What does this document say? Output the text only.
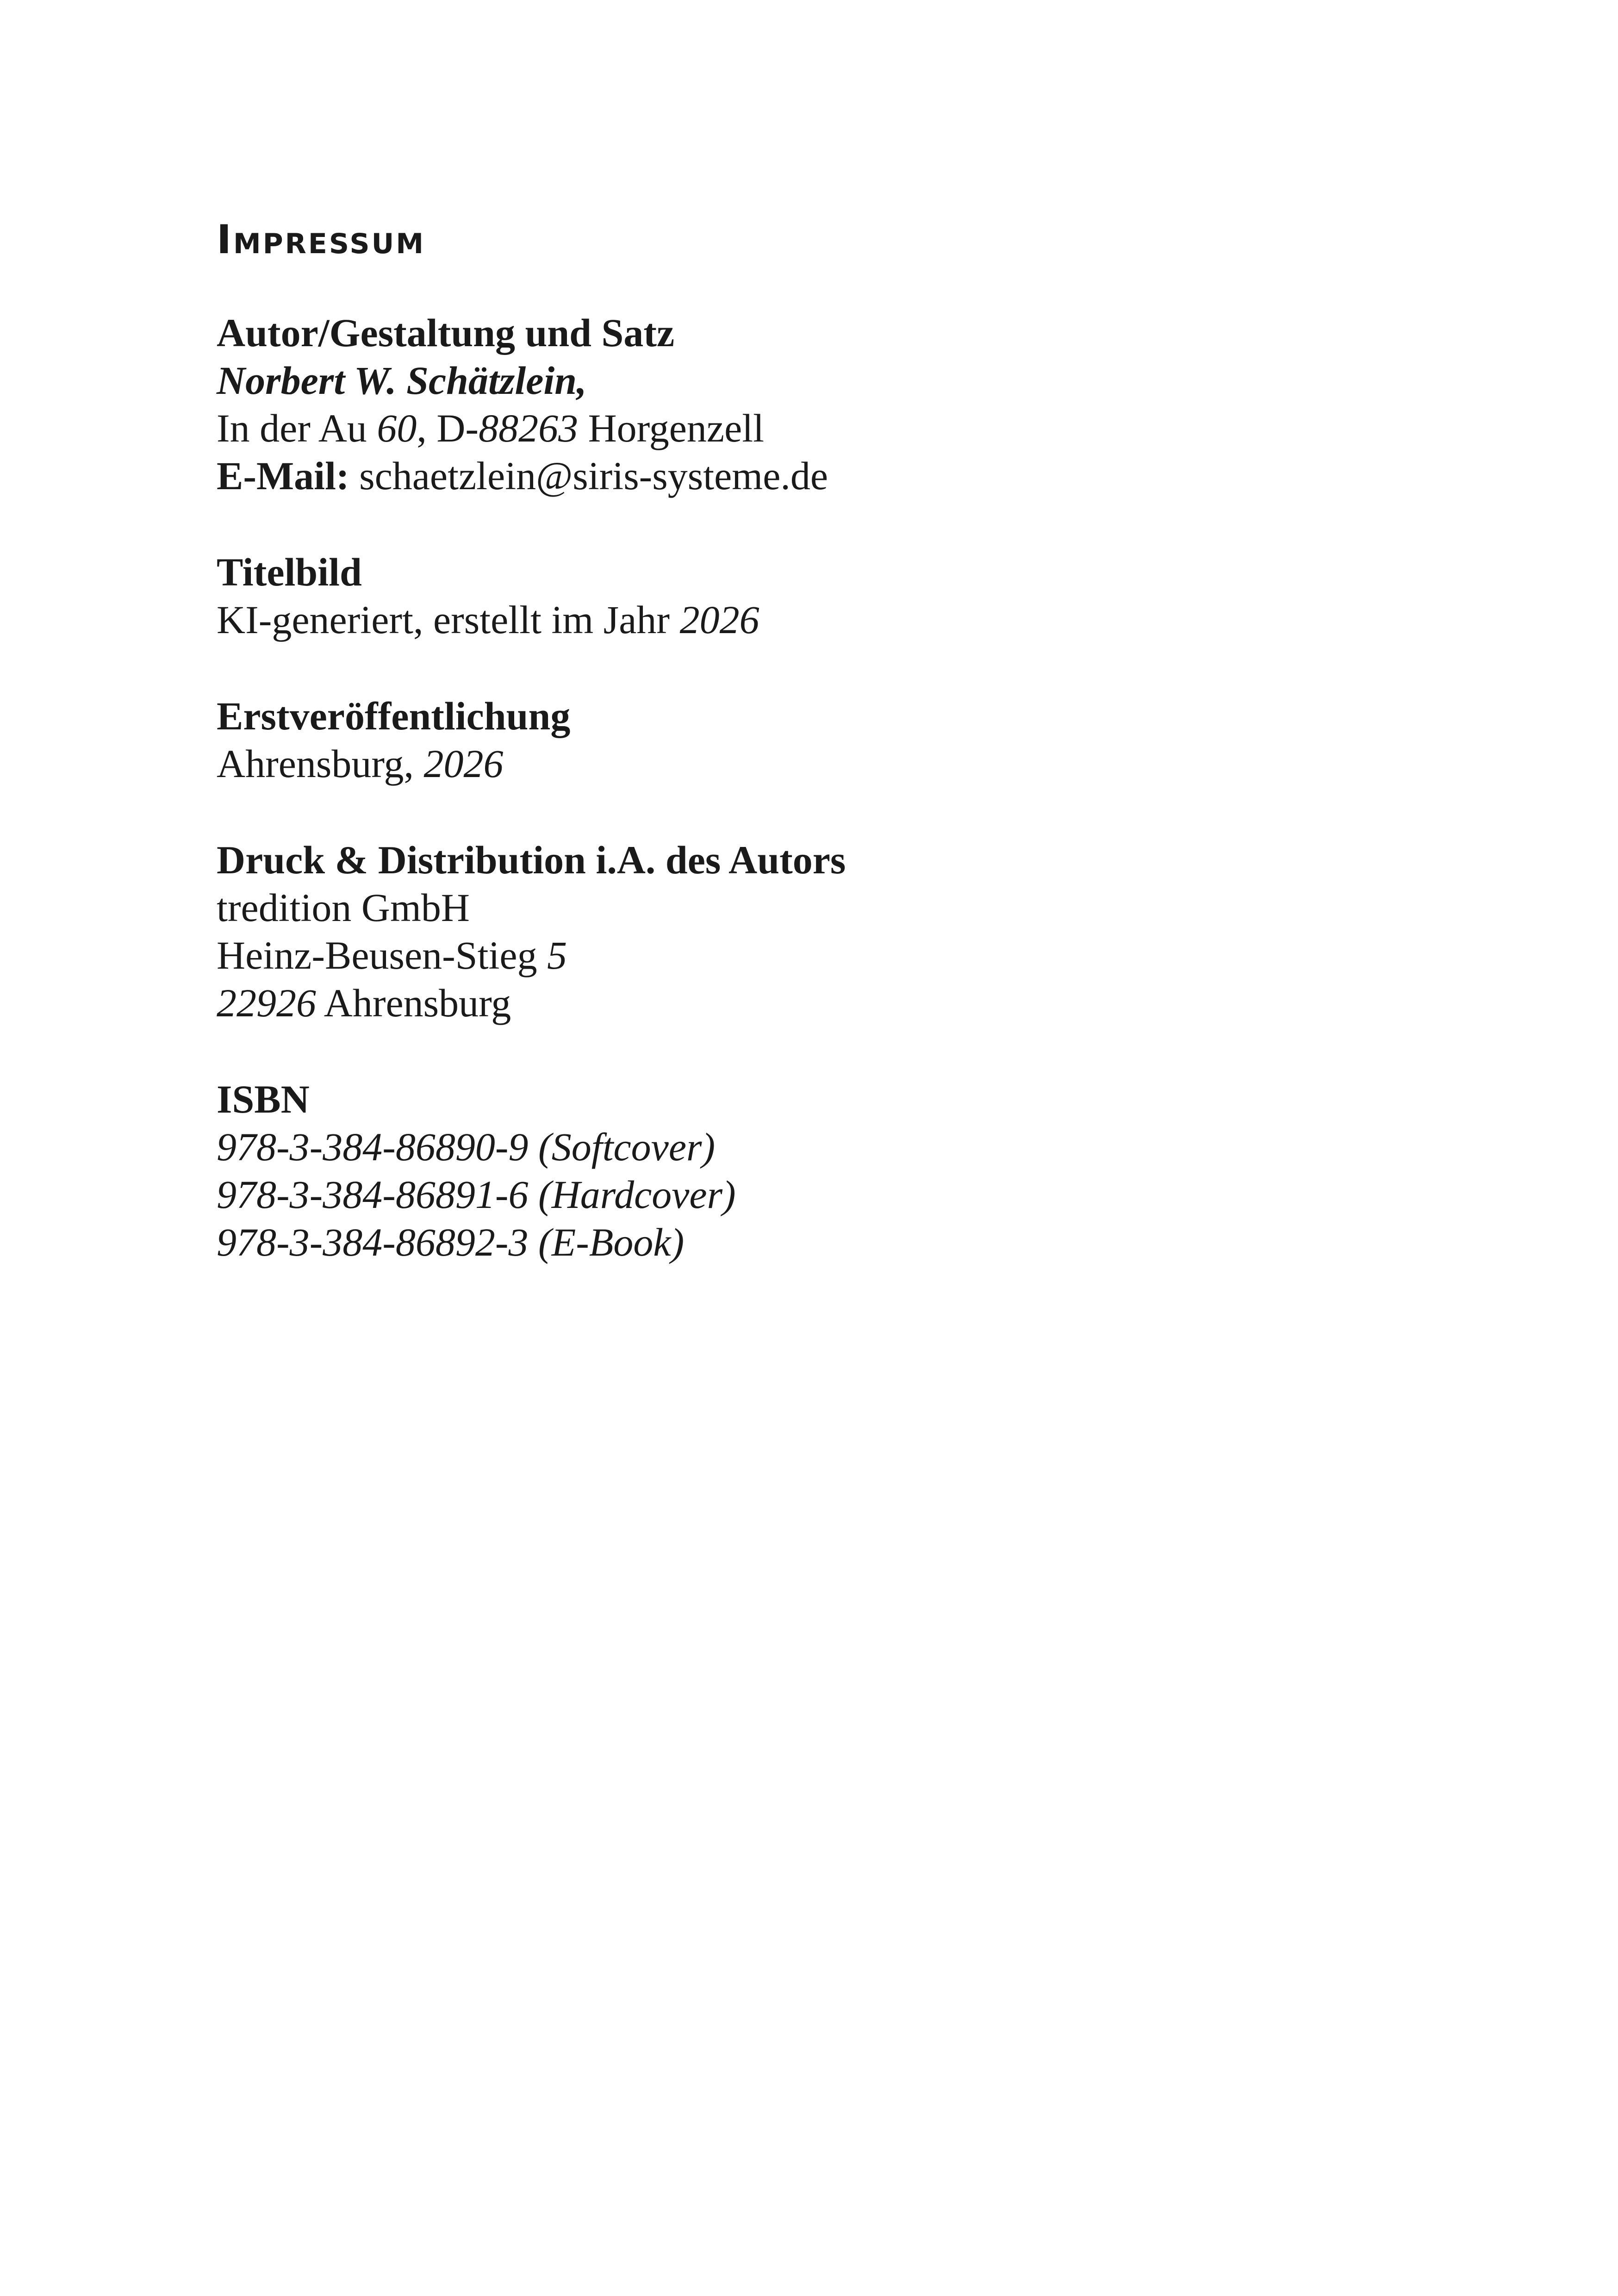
Impressum
Autor/Gestaltung und Satz
Norbert W. Schätzlein,
In der Au 60, D-88263 Horgenzell
E-Mail: schaetzlein@siris-systeme.de
Titelbild
KI-generiert, erstellt im Jahr 2026
Erstveröffentlichung
Ahrensburg, 2026
Druck & Distribution i.A. des Autors
tredition GmbH
Heinz-Beusen-Stieg 5
22926 Ahrensburg
ISBN
978-3-384-86890-9 (Softcover)
978-3-384-86891-6 (Hardcover)
978-3-384-86892-3 (E-Book)
